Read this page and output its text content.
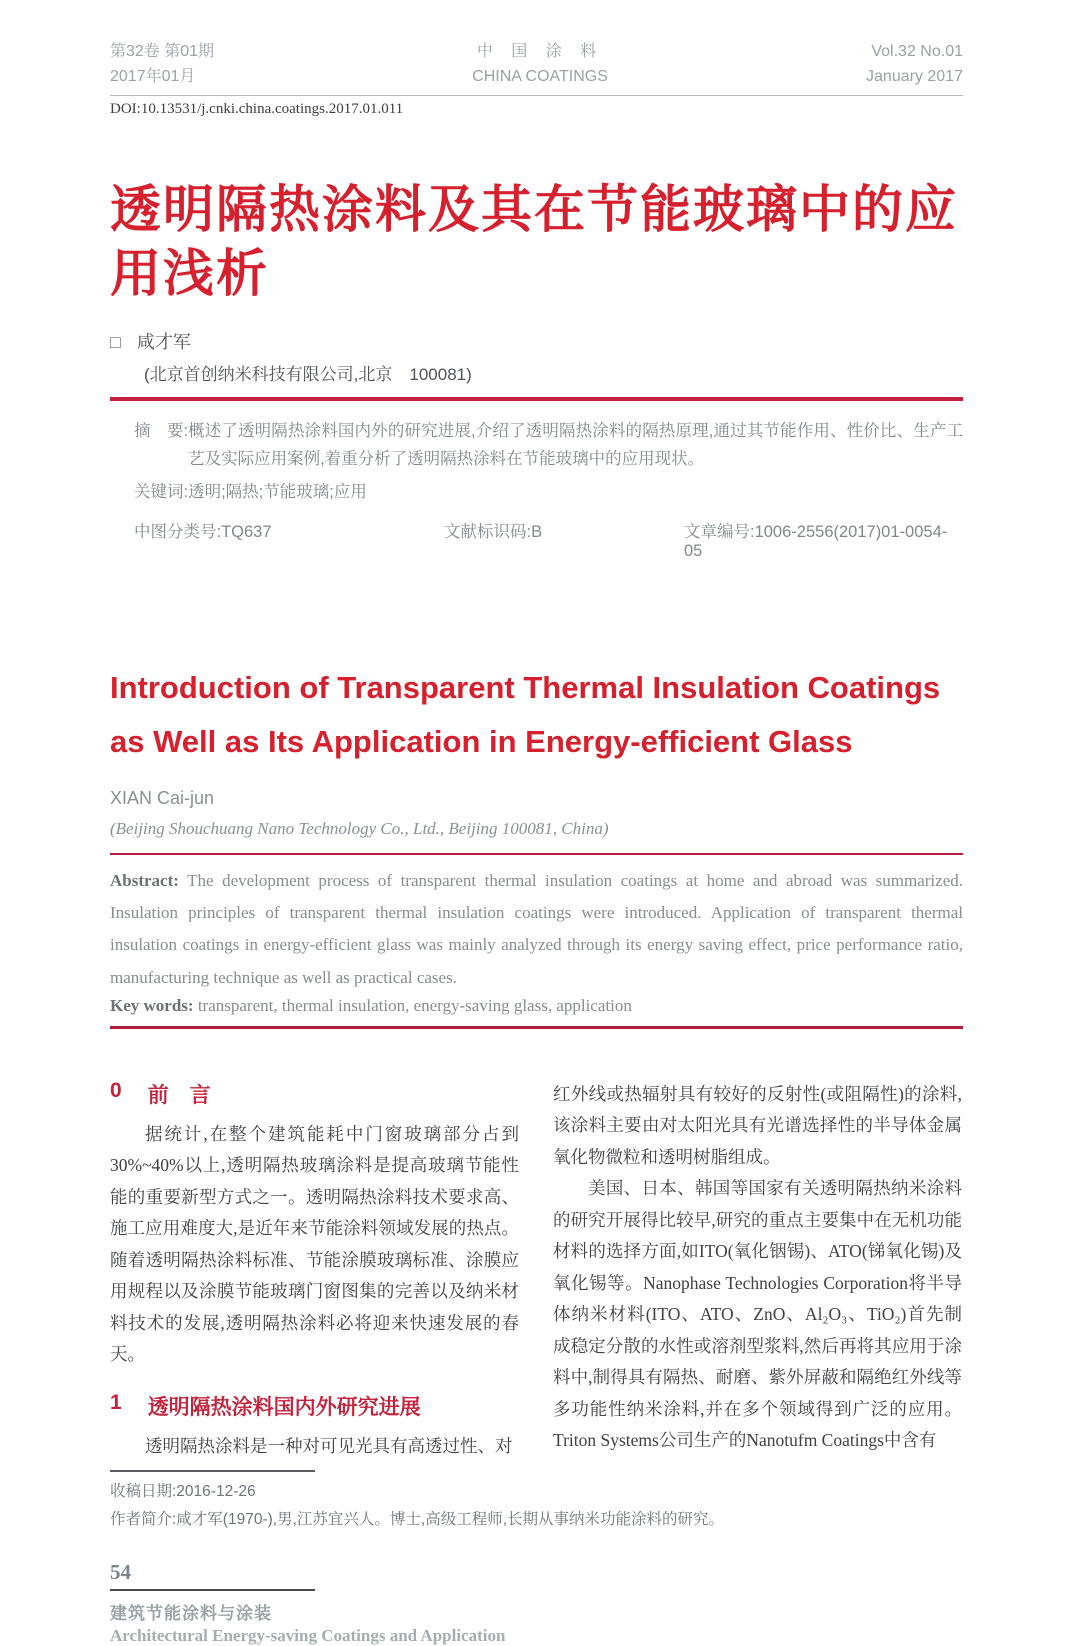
第32卷 第01期
2017年01月
中 国 涂 料
CHINA COATINGS
Vol.32 No.01
January 2017
DOI:10.13531/j.cnki.china.coatings.2017.01.011
透明隔热涂料及其在节能玻璃中的应用浅析
□ 咸才军
(北京首创纳米科技有限公司,北京　100081)
摘　要: 概述了透明隔热涂料国内外的研究进展,介绍了透明隔热涂料的隔热原理,通过其节能作用、性价比、生产工艺及实际应用案例,着重分析了透明隔热涂料在节能玻璃中的应用现状。
关键词:透明;隔热;节能玻璃;应用
中图分类号:TQ637	文献标识码:B	文章编号:1006-2556(2017)01-0054-05
Introduction of Transparent Thermal Insulation Coatings as Well as Its Application in Energy-efficient Glass
XIAN Cai-jun
(Beijing Shouchuang Nano Technology Co., Ltd., Beijing 100081, China)

Abstract: The development process of transparent thermal insulation coatings at home and abroad was summarized. Insulation principles of transparent thermal insulation coatings were introduced. Application of transparent thermal insulation coatings in energy-efficient glass was mainly analyzed through its energy saving effect, price performance ratio, manufacturing technique as well as practical cases.

Key words: transparent, thermal insulation, energy-saving glass, application

0 前　言

据统计,在整个建筑能耗中门窗玻璃部分占到30%~40%以上,透明隔热玻璃涂料是提高玻璃节能性能的重要新型方式之一。透明隔热涂料技术要求高、施工应用难度大,是近年来节能涂料领域发展的热点。随着透明隔热涂料标准、节能涂膜玻璃标准、涂膜应用规程以及涂膜节能玻璃门窗图集的完善以及纳米材料技术的发展,透明隔热涂料必将迎来快速发展的春天。

1 透明隔热涂料国内外研究进展

透明隔热涂料是一种对可见光具有高透过性、对

红外线或热辐射具有较好的反射性(或阻隔性)的涂料,该涂料主要由对太阳光具有光谱选择性的半导体金属氧化物微粒和透明树脂组成。

美国、日本、韩国等国家有关透明隔热纳米涂料的研究开展得比较早,研究的重点主要集中在无机功能材料的选择方面,如ITO(氧化铟锡)、ATO(锑氧化锡)及氧化锡等。Nanophase Technologies Corporation将半导体纳米材料(ITO、ATO、ZnO、Al₂O₃、TiO₂)首先制成稳定分散的水性或溶剂型浆料,然后再将其应用于涂料中,制得具有隔热、耐磨、紫外屏蔽和隔绝红外线等多功能性纳米涂料,并在多个领域得到广泛的应用。Triton Systems公司生产的Nanotufm Coatings中含有

收稿日期:2016-12-26
作者简介:咸才军(1970-),男,江苏宜兴人。博士,高级工程师,长期从事纳米功能涂料的研究。
54
建筑节能涂料与涂装
Architectural Energy-saving Coatings and Application
